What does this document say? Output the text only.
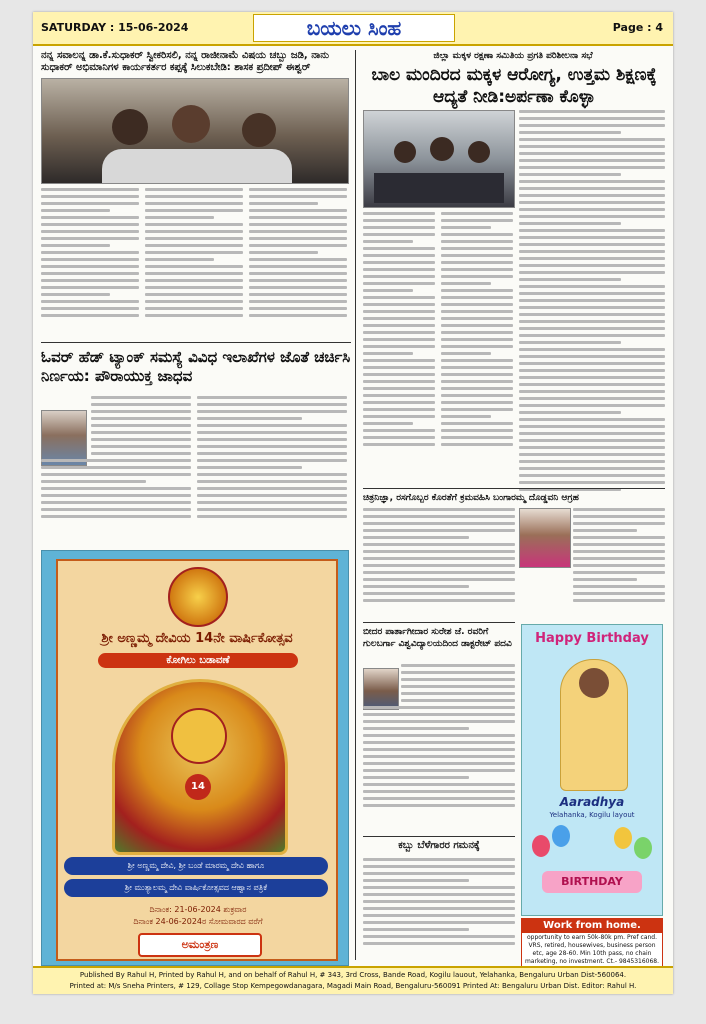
SATURDAY : 15-06-2024	ಬಯಲು ಸಿಂಹ	Page : 4
ನನ್ನ ಸವಾಲನ್ನ ಡಾ.ಕೆ.ಸುಧಾಕರ್ ಸ್ವೀಕರಿಸಲಿ, ನನ್ನ ರಾಜೀನಾಮೆ ವಿಷಯ ಚಬ್ಬು ಜಡಿ, ನಾನು ಸುಧಾಕರ್ ಅಭಿಮಾನಿಗಳ ಕಾರ್ಯಕರ್ತರ ಕಪ್ಪಕ್ಕೆ ಸಿಲುಕಬೇಡಿ: ಶಾಸಕ ಪ್ರದೀಪ್ ಈಶ್ವರ್
ಜಿಲ್ಲಾ ಮಕ್ಕಳ ರಕ್ಷಣಾ ಸಮಿತಿಯ ಪ್ರಗತಿ ಪರಿಶೀಲನಾ ಸಭೆ
ಬಾಲ ಮಂದಿರದ ಮಕ್ಕಳ ಆರೋಗ್ಯ, ಉತ್ತಮ ಶಿಕ್ಷಣಕ್ಕೆ ಆದ್ಯತೆ ನೀಡಿ:ಅರ್ಪಣಾ ಕೊಳ್ಳಾ
ಓವರ್ ಹೆಡ್ ಟ್ಯಾಂಕ್ ಸಮಸ್ಯೆ ವಿವಿಧ ಇಲಾಖೆಗಳ ಜೊತೆ ಚರ್ಚಿಸಿ ನಿರ್ಣಯ: ಪೌರಾಯುಕ್ತ ಜಾಧವ
ಶ್ರೀ ಅಣ್ಣಮ್ಮ ದೇವಿಯ 14ನೇ ವಾರ್ಷಿಕೋತ್ಸವ
ಕೋಗಿಲು ಬಡಾವಣೆ
14
ಶ್ರೀ ಅಣ್ಣಮ್ಮ ದೇವಿ, ಶ್ರೀ ಬಂಡೆ ಮಾರಮ್ಮ ದೇವಿ ಹಾಗೂ
ಶ್ರೀ ಮುತ್ಯಾಲಮ್ಮ ದೇವಿ ವಾರ್ಷಿಕೋತ್ಸವದ ಆಹ್ವಾನ ಪತ್ರಿಕೆ
ದಿನಾಂಕ: 21-06-2024 ಶುಕ್ರವಾರ
ದಿನಾಂಕ 24-06-2024ರ ಸೋಮವಾರದ ವರೆಗೆ
ಅಮಂತ್ರಣ
ಚಿತ್ರನಿಜ್ಞಾ, ರಸಗೊಬ್ಬರ ಕೊರತೆಗೆ ಕ್ರಮವಹಿಸಿ ಬಂಗಾರಮ್ಮ ದೊಡ್ಡವನಿ ಆಗ್ರಹ
ಬೀದರ ಪಾರ್ತಾಗೀದಾರ ಸುರೇಶ ಜೆ. ರವರಿಗೆ ಗುಲಬರ್ಗಾ ವಿಶ್ವವಿದ್ಯಾಲಯದಿಂದ ಡಾಕ್ಟರೇಟ್ ಪದವಿ
ಕಬ್ಬು ಬೆಳೆಗಾರರ ಗಮನಕ್ಕೆ
Happy Birthday
Aaradhya
Yelahanka, Kogilu layout
BIRTHDAY
Work from home.
opportunity to earn 50k-80k pm. Pref cand. VRS, retired, housewives, business person etc, age 28-60. Min 10th pass, no chain marketing, no investment. Ct.- 9845316068.
Published By Rahul H, Printed by Rahul H, and on behalf of Rahul H, # 343, 3rd Cross, Bande Road, Kogilu lauout, Yelahanka, Bengaluru Urban Dist-560064.
Printed at: M/s Sneha Printers, # 129, Collage Stop Kempegowdanagara, Magadi Main Road, Bengaluru-560091 Printed At: Bengaluru Urban Dist. Editor: Rahul H.
